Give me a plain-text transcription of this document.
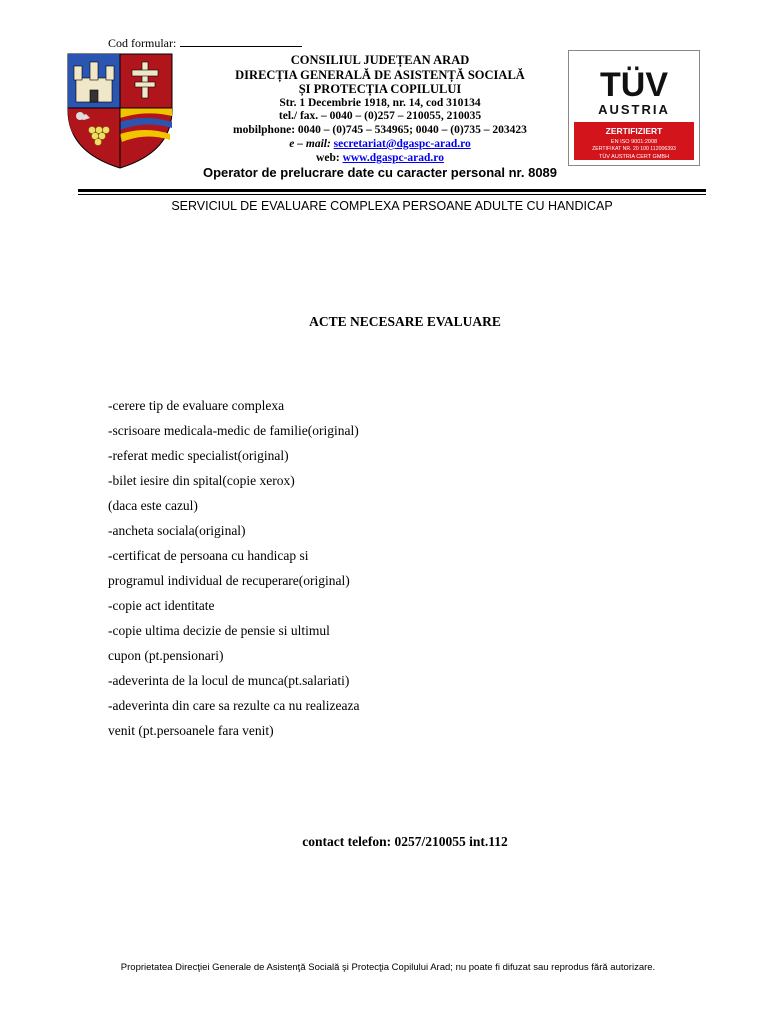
Cod formular:
CONSILIUL JUDEȚEAN ARAD
DIRECȚIA GENERALĂ DE ASISTENȚĂ SOCIALĂ
ȘI PROTECȚIA COPILULUI
Str. 1 Decembrie 1918, nr. 14, cod 310134
tel./ fax. – 0040 – (0)257 – 210055, 210035
mobilphone: 0040 – (0)745 – 534965; 0040 – (0)735 – 203423
e – mail: secretariat@dgaspc-arad.ro
web: www.dgaspc-arad.ro
Operator de prelucrare date cu caracter personal nr. 8089
TÜV
AUSTRIA
ZERTIFIZIERT
EN ISO 9001:2008
ZERTIFIKAT NR. 20 100 112006393
TÜV AUSTRIA CERT GMBH
SERVICIUL DE EVALUARE COMPLEXA PERSOANE ADULTE CU HANDICAP
ACTE NECESARE EVALUARE
-cerere tip de evaluare complexa
-scrisoare medicala-medic de familie(original)
-referat medic specialist(original)
-bilet iesire din spital(copie xerox)
(daca este cazul)
-ancheta sociala(original)
-certificat de persoana cu handicap si
programul individual de recuperare(original)
-copie act identitate
-copie ultima decizie de pensie si ultimul
cupon (pt.pensionari)
-adeverinta de la locul de munca(pt.salariati)
-adeverinta din care sa rezulte ca nu realizeaza
venit (pt.persoanele fara venit)
contact telefon: 0257/210055 int.112
Proprietatea Direcţiei Generale de Asistenţă Socială şi Protecţia Copilului Arad; nu poate fi difuzat sau reprodus fără autorizare.
